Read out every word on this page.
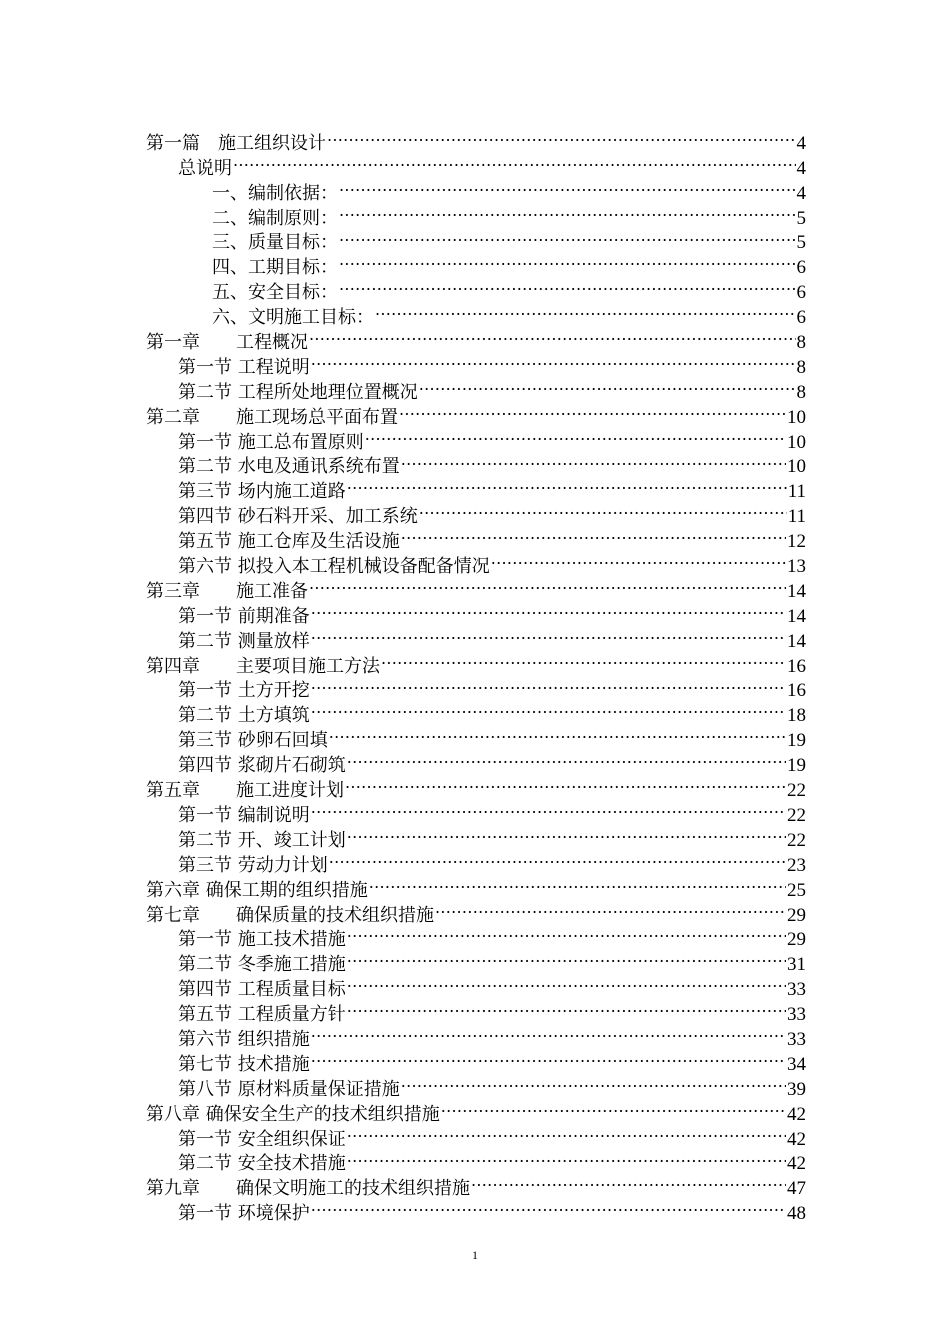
第一篇　施工组织设计 .....	4
总说明 .....	4
一、编制依据： .....	4
二、编制原则： .....	5
三、质量目标： .....	5
四、工期目标： .....	6
五、安全目标： .....	6
六、文明施工目标： .....	6
第一章　　工程概况 .....	8
第一节 工程说明 .....	8
第二节 工程所处地理位置概况 .....	8
第二章　　施工现场总平面布置 .....	10
第一节 施工总布置原则 .....	10
第二节 水电及通讯系统布置 .....	10
第三节 场内施工道路 .....	11
第四节 砂石料开采、加工系统 .....	11
第五节 施工仓库及生活设施 .....	12
第六节 拟投入本工程机械设备配备情况 .....	13
第三章　　施工准备 .....	14
第一节 前期准备 .....	14
第二节 测量放样 .....	14
第四章　　主要项目施工方法 .....	16
第一节 土方开挖 .....	16
第二节 土方填筑 .....	18
第三节 砂卵石回填 .....	19
第四节 浆砌片石砌筑 .....	19
第五章　　施工进度计划 .....	22
第一节 编制说明 .....	22
第二节 开、竣工计划 .....	22
第三节 劳动力计划 .....	23
第六章 确保工期的组织措施 .....	25
第七章　　确保质量的技术组织措施 .....	29
第一节 施工技术措施 .....	29
第二节 冬季施工措施 .....	31
第四节 工程质量目标 .....	33
第五节 工程质量方针 .....	33
第六节 组织措施 .....	33
第七节 技术措施 .....	34
第八节 原材料质量保证措施 .....	39
第八章 确保安全生产的技术组织措施 .....	42
第一节 安全组织保证 .....	42
第二节 安全技术措施 .....	42
第九章　　确保文明施工的技术组织措施 .....	47
第一节 环境保护 .....	48
1
